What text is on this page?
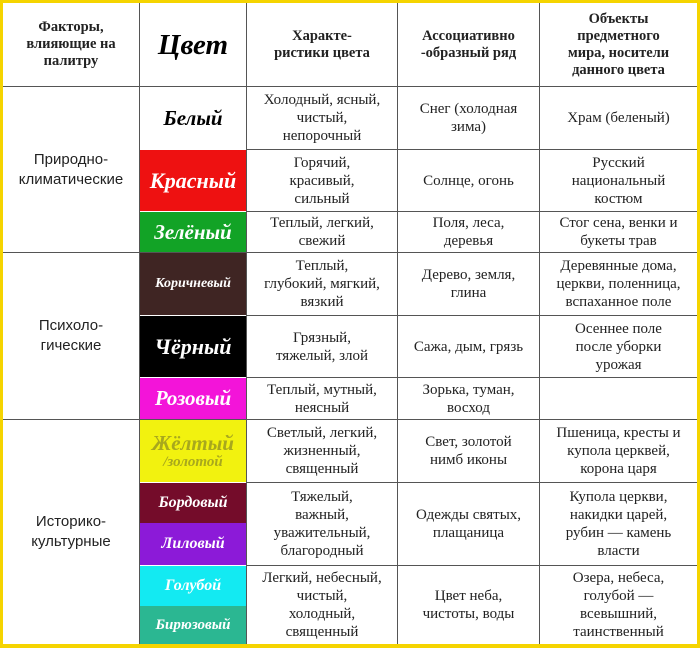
Факторы,
влияющие на
палитру
Цвет	Характе-
ристики цвета
Ассоциативно
-образный ряд
Объекты
предметного
мира, носители
данного цвета
Природно-
климатические
Психоло-
гические
Историко-
культурные
Белый
Красный
Зелёный
Коричневый
Чёрный
Розовый
Жёлтый
/золотой
Бордовый
Лиловый
Голубой
Бирюзовый
Холодный, ясный,
чистый,
непорочный
Снег (холодная
зима)
Храм (беленый)
Горячий,
красивый,
сильный
Солнце, огонь
Русский
национальный
костюм
Теплый, легкий,
свежий
Поля, леса,
деревья
Стог сена, венки и
букеты трав
Теплый,
глубокий, мягкий,
вязкий
Дерево, земля,
глина
Деревянные дома,
церкви, поленница,
вспаханное поле
Грязный,
тяжелый, злой
Сажа, дым, грязь
Осеннее поле
после уборки
урожая
Теплый, мутный,
неясный
Зорька, туман,
восход
Светлый, легкий,
жизненный,
священный
Свет, золотой
нимб иконы
Пшеница, кресты и
купола церквей,
корона царя
Тяжелый,
важный,
уважительный,
благородный
Одежды святых,
плащаница
Купола церкви,
накидки царей,
рубин — камень
власти
Легкий, небесный,
чистый,
холодный,
священный
Цвет неба,
чистоты, воды
Озера, небеса,
голубой —
всевышний,
таинственный
